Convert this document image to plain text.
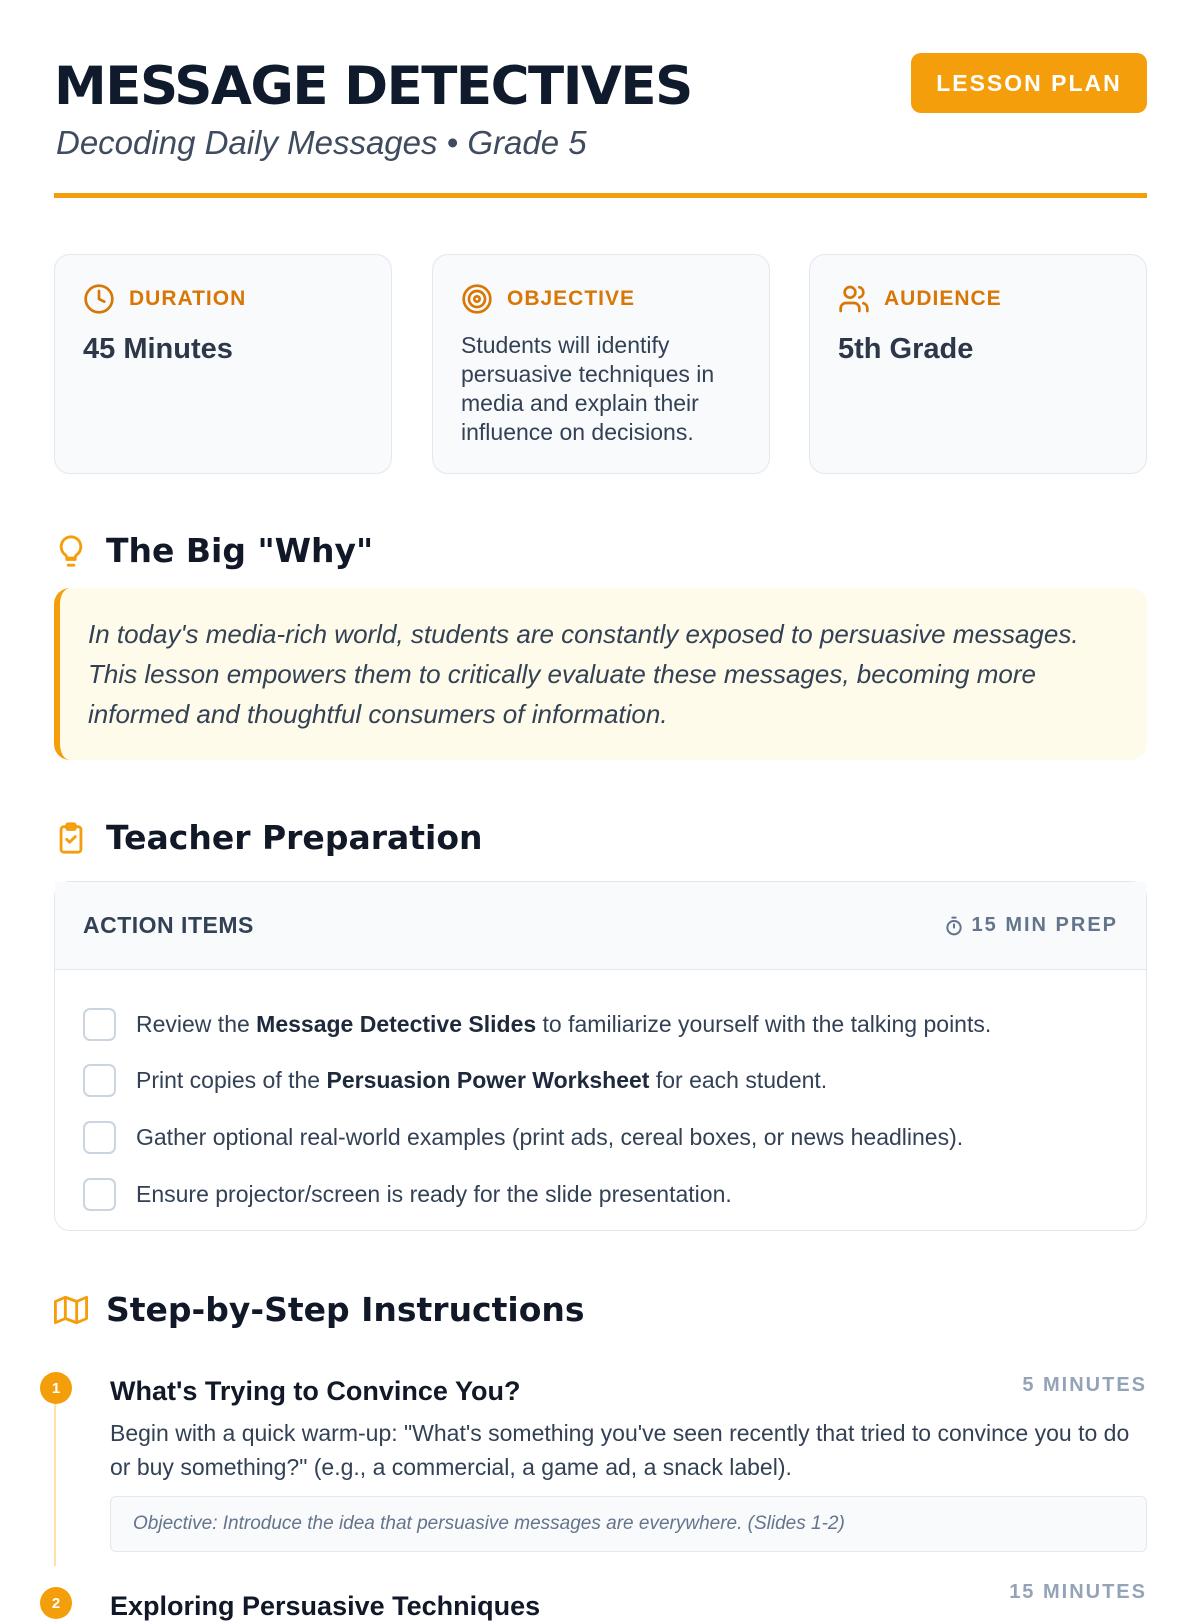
MESSAGE DETECTIVES
Decoding Daily Messages • Grade 5
LESSON PLAN
DURATION
45 Minutes
OBJECTIVE
Students will identify persuasive techniques in media and explain their influence on decisions.
AUDIENCE
5th Grade
The Big "Why"

In today's media-rich world, students are constantly exposed to persuasive messages. This lesson empowers them to critically evaluate these messages, becoming more informed and thoughtful consumers of information.

Teacher Preparation
ACTION ITEMS	15 MIN PREP
Review the Message Detective Slides to familiarize yourself with the talking points.
Print copies of the Persuasion Power Worksheet for each student.
Gather optional real-world examples (print ads, cereal boxes, or news headlines).
Ensure projector/screen is ready for the slide presentation.
Step-by-Step Instructions
1	What's Trying to Convince You?	5 MINUTES
Begin with a quick warm-up: "What's something you've seen recently that tried to convince you to do or buy something?" (e.g., a commercial, a game ad, a snack label).
Objective: Introduce the idea that persuasive messages are everywhere. (Slides 1-2)
2	Exploring Persuasive Techniques	15 MINUTES
